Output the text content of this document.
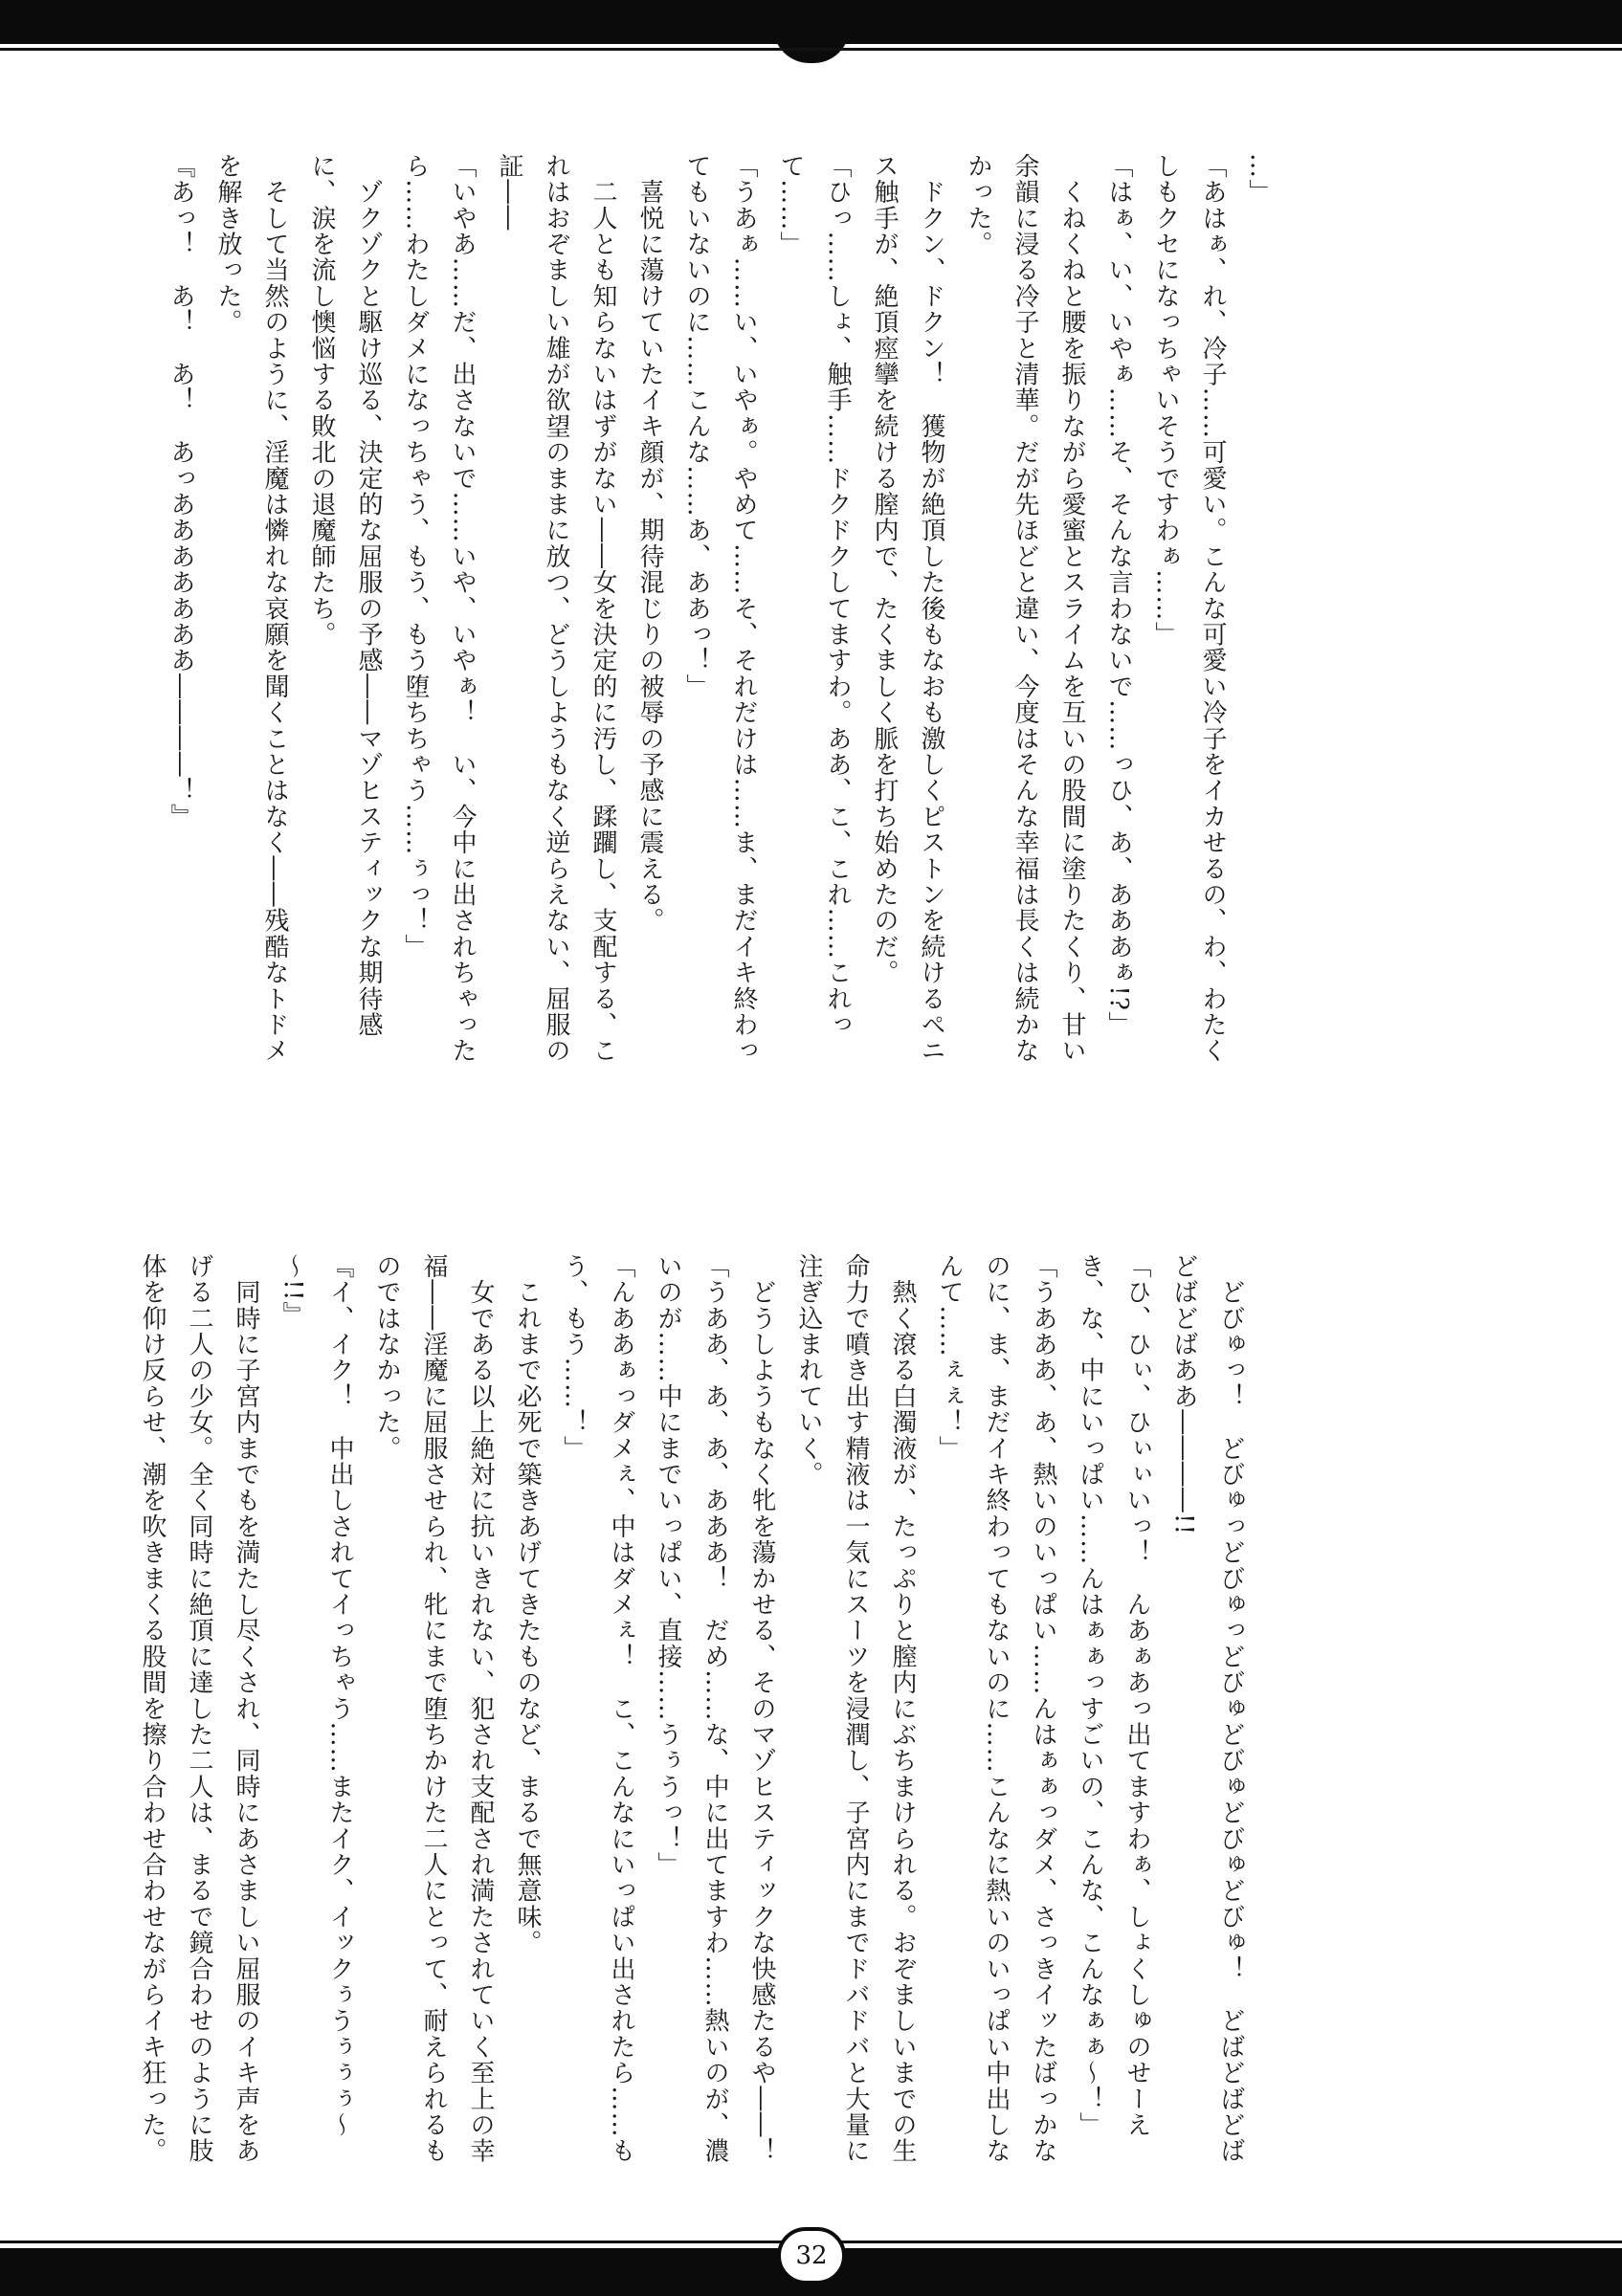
…」

「あはぁ、れ、冷子……可愛い。こんな可愛い冷子をイカせるの、わ、わたくしもクセになっちゃいそうですわぁ……」

「はぁ、い、いやぁ……そ、そんな言わないで……っひ、あ、あああぁ!?」

　くねくねと腰を振りながら愛蜜とスライムを互いの股間に塗りたくり、甘い余韻に浸る冷子と清華。だが先ほどと違い、今度はそんな幸福は長くは続かなかった。

　ドクン、ドクン！　獲物が絶頂した後もなおも激しくピストンを続けるペニス触手が、絶頂痙攣を続ける膣内で、たくましく脈を打ち始めたのだ。

「ひっ……しょ、触手……ドクドクしてますわ。ああ、こ、これ……これって……」

「うあぁ……い、いやぁ。やめて……そ、それだけは……ま、まだイキ終わってもいないのに……こんな……あ、ああっ！」

　喜悦に蕩けていたイキ顔が、期待混じりの被辱の予感に震える。

　二人とも知らないはずがない――女を決定的に汚し、蹂躙し、支配する、これはおぞましい雄が欲望のままに放つ、どうしようもなく逆らえない、屈服の証――

「いやあ……だ、出さないで……いや、いやぁ！　い、今中に出されちゃったら……わたしダメになっちゃう、もう、もう堕ちちゃう……ぅっ！」

　ゾクゾクと駆け巡る、決定的な屈服の予感――マゾヒスティックな期待感に、涙を流し懊悩する敗北の退魔師たち。

　そして当然のように、淫魔は憐れな哀願を聞くことはなく――残酷なトドメを解き放った。

『あっ！　あ！　あ！　あっあああああああ――――！』

　どびゅっ！　どびゅっどびゅっどびゅどびゅどびゅどびゅ！　どばどばどばどばどばああ――――!!

「ひ、ひぃ、ひぃぃいっ！　んあぁあっ出てますわぁ、しょくしゅのせーえき、な、中にいっぱい……んはぁぁっすごいの、こんな、こんなぁぁ～！」

「うあああ、あ、熱いのいっぱい……んはぁぁっダメ、さっきイッたばっかなのに、ま、まだイキ終わってもないのに……こんなに熱いのいっぱい中出しなんて……ぇぇ！」

　熱く滾る白濁液が、たっぷりと膣内にぶちまけられる。おぞましいまでの生命力で噴き出す精液は一気にスーツを浸潤し、子宮内にまでドバドバと大量に注ぎ込まれていく。

　どうしようもなく牝を蕩かせる、そのマゾヒスティックな快感たるや――！

「うああ、あ、あ、あああ！　だめ……な、中に出てますわ……熱いのが、濃いのが……中にまでいっぱい、直接……うぅうっ！」

「んああぁっダメぇ、中はダメぇ！　こ、こんなにいっぱい出されたら……もう、もう……！」

　これまで必死で築きあげてきたものなど、まるで無意味。

　女である以上絶対に抗いきれない、犯され支配され満たされていく至上の幸福――淫魔に屈服させられ、牝にまで堕ちかけた二人にとって、耐えられるものではなかった。

『イ、イク！　中出しされてイっちゃう……またイク、イックぅうぅぅぅ～～!!』

　同時に子宮内までもを満たし尽くされ、同時にあさましい屈服のイキ声をあげる二人の少女。全く同時に絶頂に達した二人は、まるで鏡合わせのように肢体を仰け反らせ、潮を吹きまくる股間を擦り合わせ合わせながらイキ狂った。

32
